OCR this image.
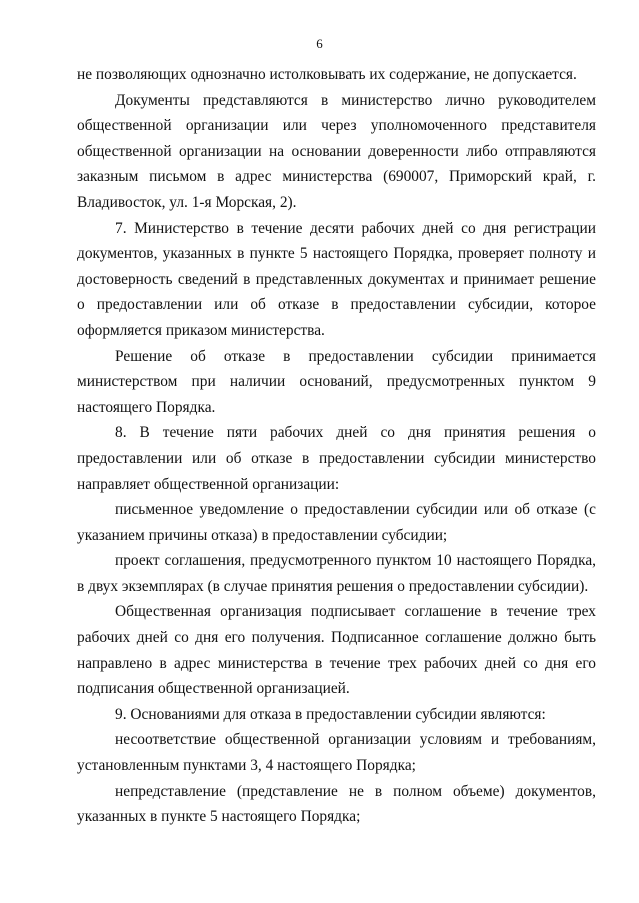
6

не позволяющих однозначно истолковывать их содержание, не допускается.

Документы представляются в министерство лично руководителем общественной организации или через уполномоченного представителя общественной организации на основании доверенности либо отправляются заказным письмом в адрес министерства (690007, Приморский край, г. Владивосток, ул. 1-я Морская, 2).

7. Министерство в течение десяти рабочих дней со дня регистрации документов, указанных в пункте 5 настоящего Порядка, проверяет полноту и достоверность сведений в представленных документах и принимает решение о предоставлении или об отказе в предоставлении субсидии, которое оформляется приказом министерства.

Решение об отказе в предоставлении субсидии принимается министерством при наличии оснований, предусмотренных пунктом 9 настоящего Порядка.

8. В течение пяти рабочих дней со дня принятия решения о предоставлении или об отказе в предоставлении субсидии министерство направляет общественной организации:

письменное уведомление о предоставлении субсидии или об отказе (с указанием причины отказа) в предоставлении субсидии;

проект соглашения, предусмотренного пунктом 10 настоящего Порядка, в двух экземплярах (в случае принятия решения о предоставлении субсидии).

Общественная организация подписывает соглашение в течение трех рабочих дней со дня его получения. Подписанное соглашение должно быть направлено в адрес министерства в течение трех рабочих дней со дня его подписания общественной организацией.

9. Основаниями для отказа в предоставлении субсидии являются:

несоответствие общественной организации условиям и требованиям, установленным пунктами 3, 4 настоящего Порядка;

непредставление (представление не в полном объеме) документов, указанных в пункте 5 настоящего Порядка;
